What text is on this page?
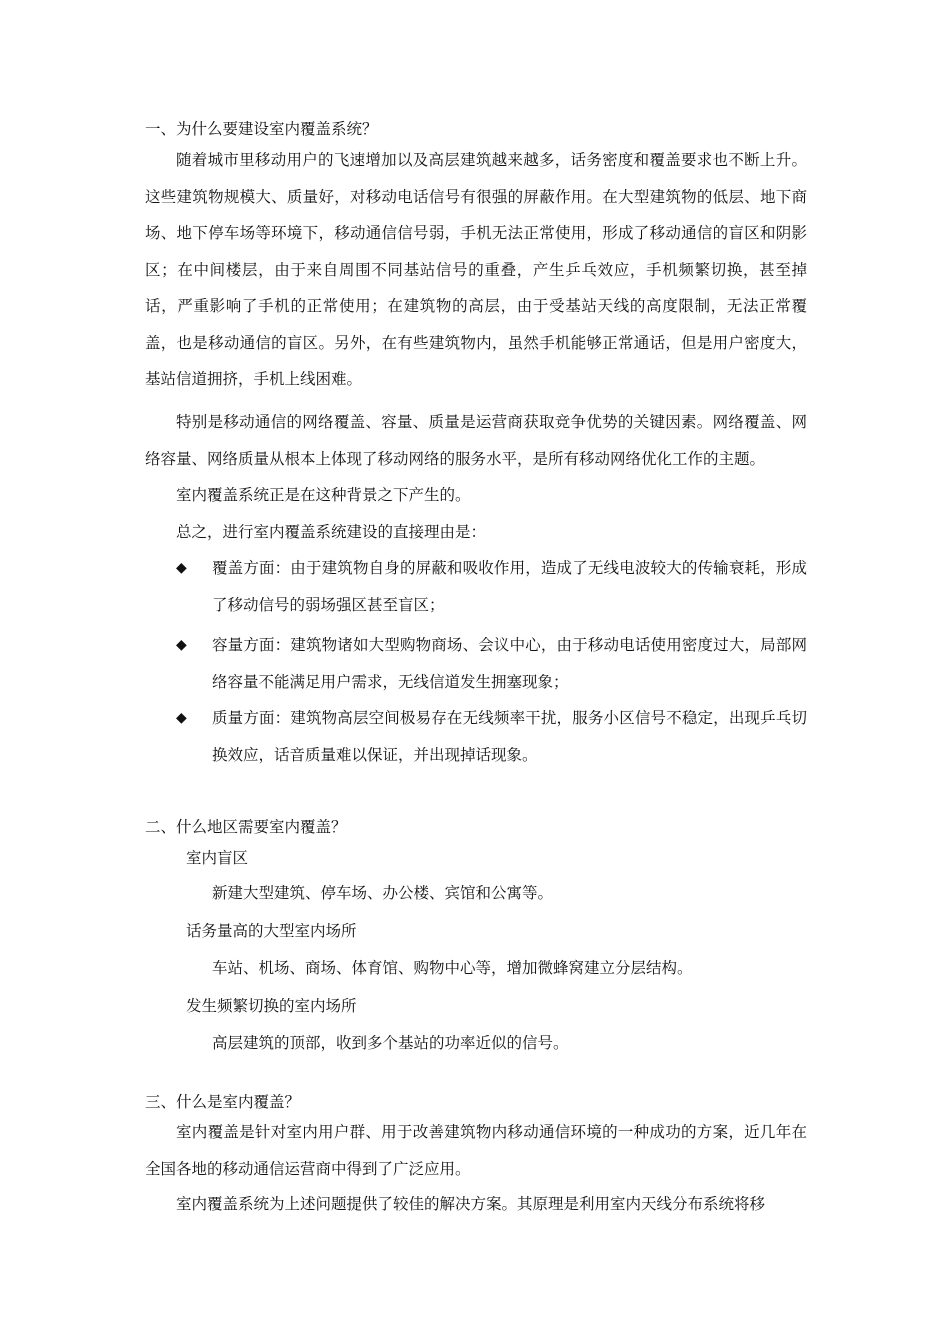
一、为什么要建设室内覆盖系统？
随着城市里移动用户的飞速增加以及高层建筑越来越多，话务密度和覆盖要求也不断上升。这些建筑物规模大、质量好，对移动电话信号有很强的屏蔽作用。在大型建筑物的低层、地下商场、地下停车场等环境下，移动通信信号弱，手机无法正常使用，形成了移动通信的盲区和阴影区；在中间楼层，由于来自周围不同基站信号的重叠，产生乒乓效应，手机频繁切换，甚至掉话，严重影响了手机的正常使用；在建筑物的高层，由于受基站天线的高度限制，无法正常覆盖，也是移动通信的盲区。另外，在有些建筑物内，虽然手机能够正常通话，但是用户密度大，基站信道拥挤，手机上线困难。
特别是移动通信的网络覆盖、容量、质量是运营商获取竞争优势的关键因素。网络覆盖、网络容量、网络质量从根本上体现了移动网络的服务水平，是所有移动网络优化工作的主题。
室内覆盖系统正是在这种背景之下产生的。
总之，进行室内覆盖系统建设的直接理由是：
◆	覆盖方面：由于建筑物自身的屏蔽和吸收作用，造成了无线电波较大的传输衰耗，形成了移动信号的弱场强区甚至盲区；
◆	容量方面：建筑物诸如大型购物商场、会议中心，由于移动电话使用密度过大，局部网络容量不能满足用户需求，无线信道发生拥塞现象；
◆	质量方面：建筑物高层空间极易存在无线频率干扰，服务小区信号不稳定，出现乒乓切换效应，话音质量难以保证，并出现掉话现象。
二、什么地区需要室内覆盖？
室内盲区
新建大型建筑、停车场、办公楼、宾馆和公寓等。
话务量高的大型室内场所
车站、机场、商场、体育馆、购物中心等，增加微蜂窝建立分层结构。
发生频繁切换的室内场所
高层建筑的顶部，收到多个基站的功率近似的信号。
三、什么是室内覆盖？
室内覆盖是针对室内用户群、用于改善建筑物内移动通信环境的一种成功的方案，近几年在全国各地的移动通信运营商中得到了广泛应用。
室内覆盖系统为上述问题提供了较佳的解决方案。其原理是利用室内天线分布系统将移
